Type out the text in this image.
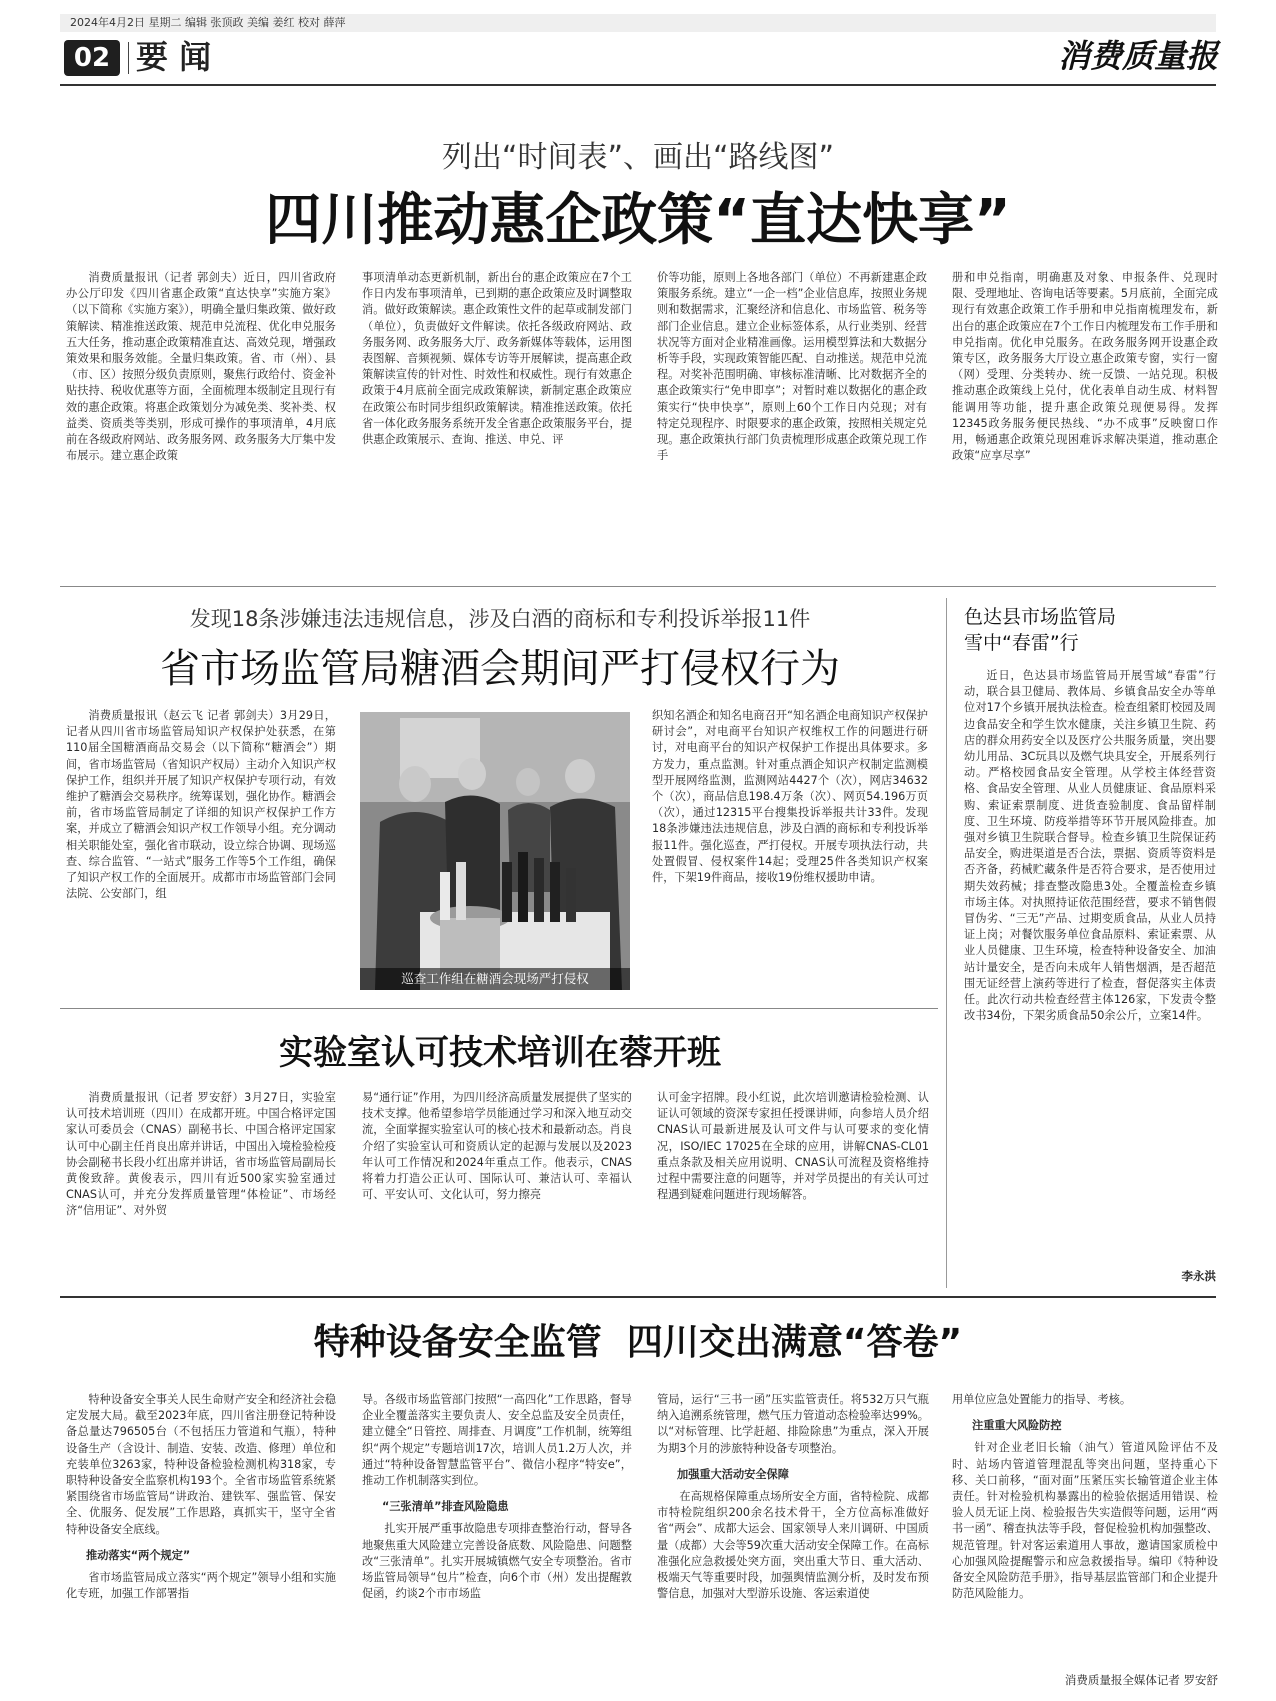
2024年4月2日 星期二 编辑 张顶政 美编 姜红 校对 薛萍
02 要 闻	消费质量报
列出“时间表”、画出“路线图”
四川推动惠企政策“直达快享”

消费质量报讯（记者 郭剑夫）近日，四川省政府办公厅印发《四川省惠企政策“直达快享”实施方案》（以下简称《实施方案》），明确全量归集政策、做好政策解读、精准推送政策、规范申兑流程、优化申兑服务五大任务，推动惠企政策精准直达、高效兑现，增强政策效果和服务效能。全量归集政策。省、市（州）、县（市、区）按照分级负责原则，聚焦行政给付、资金补贴扶持、税收优惠等方面，全面梳理本级制定且现行有效的惠企政策。将惠企政策划分为减免类、奖补类、权益类、资质类等类别，形成可操作的事项清单，4月底前在各级政府网站、政务服务网、政务服务大厅集中发布展示。建立惠企政策

事项清单动态更新机制，新出台的惠企政策应在7个工作日内发布事项清单，已到期的惠企政策应及时调整取消。做好政策解读。惠企政策性文件的起草或制发部门（单位），负责做好文件解读。依托各级政府网站、政务服务网、政务服务大厅、政务新媒体等载体，运用图表图解、音频视频、媒体专访等开展解读，提高惠企政策解读宣传的针对性、时效性和权威性。现行有效惠企政策于4月底前全面完成政策解读，新制定惠企政策应在政策公布时同步组织政策解读。精准推送政策。依托省一体化政务服务系统开发全省惠企政策服务平台，提供惠企政策展示、查询、推送、申兑、评

价等功能，原则上各地各部门（单位）不再新建惠企政策服务系统。建立“一企一档”企业信息库，按照业务规则和数据需求，汇聚经济和信息化、市场监管、税务等部门企业信息。建立企业标签体系，从行业类别、经营状况等方面对企业精准画像。运用模型算法和大数据分析等手段，实现政策智能匹配、自动推送。规范申兑流程。对奖补范围明确、审核标准清晰、比对数据齐全的惠企政策实行“免申即享”；对暂时难以数据化的惠企政策实行“快申快享”，原则上60个工作日内兑现；对有特定兑现程序、时限要求的惠企政策，按照相关规定兑现。惠企政策执行部门负责梳理形成惠企政策兑现工作手

册和申兑指南，明确惠及对象、申报条件、兑现时限、受理地址、咨询电话等要素。5月底前，全面完成现行有效惠企政策工作手册和申兑指南梳理发布，新出台的惠企政策应在7个工作日内梳理发布工作手册和申兑指南。优化申兑服务。在政务服务网开设惠企政策专区，政务服务大厅设立惠企政策专窗，实行一窗（网）受理、分类转办、统一反馈、一站兑现。积极推动惠企政策线上兑付，优化表单自动生成、材料智能调用等功能，提升惠企政策兑现便易得。发挥12345政务服务便民热线、“办不成事”反映窗口作用，畅通惠企政策兑现困难诉求解决渠道，推动惠企政策“应享尽享”

发现18条涉嫌违法违规信息，涉及白酒的商标和专利投诉举报11件
省市场监管局糖酒会期间严打侵权行为

消费质量报讯（赵云飞 记者 郭剑夫）3月29日，记者从四川省市场监管局知识产权保护处获悉，在第110届全国糖酒商品交易会（以下简称“糖酒会”）期间，省市场监管局（省知识产权局）主动介入知识产权保护工作，组织并开展了知识产权保护专项行动，有效维护了糖酒会交易秩序。统筹谋划，强化协作。糖酒会前，省市场监管局制定了详细的知识产权保护工作方案，并成立了糖酒会知识产权工作领导小组。充分调动相关职能处室，强化省市联动，设立综合协调、现场巡查、综合监管、“一站式”服务工作等5个工作组，确保了知识产权工作的全面展开。成都市市场监管部门会同法院、公安部门，组

巡查工作组在糖酒会现场严打侵权

织知名酒企和知名电商召开“知名酒企电商知识产权保护研讨会”，对电商平台知识产权维权工作的问题进行研讨，对电商平台的知识产权保护工作提出具体要求。多方发力，重点监测。针对重点酒企知识产权制定监测模型开展网络监测，监测网站4427个（次），网店34632个（次），商品信息198.4万条（次）、网页54.196万页（次），通过12315平台搜集投诉举报共计33件。发现18条涉嫌违法违规信息，涉及白酒的商标和专利投诉举报11件。强化巡查，严打侵权。开展专项执法行动，共处置假冒、侵权案件14起；受理25件各类知识产权案件，下架19件商品，接收19份维权援助申请。

色达县市场监管局
雪中“春雷”行

近日，色达县市场监管局开展雪域“春雷”行动，联合县卫健局、教体局、乡镇食品安全办等单位对17个乡镇开展执法检查。检查组紧盯校园及周边食品安全和学生饮水健康，关注乡镇卫生院、药店的群众用药安全以及医疗公共服务质量，突出婴幼儿用品、3C玩具以及燃气块具安全，开展系列行动。严格校园食品安全管理。从学校主体经营资格、食品安全管理、从业人员健康证、食品原料采购、索证索票制度、进货查验制度、食品留样制度、卫生环境、防疫举措等环节开展风险排查。加强对乡镇卫生院联合督导。检查乡镇卫生院保证药品安全，购进渠道是否合法，票据、资质等资料是否齐备，药械贮藏条件是否符合要求，是否使用过期失效药械；排查整改隐患3处。全覆盖检查乡镇市场主体。对执照持证依范围经营，要求不销售假冒伪劣、“三无”产品、过期变质食品，从业人员持证上岗；对餐饮服务单位食品原料、索证索票、从业人员健康、卫生环境，检查特种设备安全、加油站计量安全，是否向未成年人销售烟酒，是否超范围无证经营上演药等进行了检查，督促落实主体责任。此次行动共检查经营主体126家，下发责令整改书34份，下架劣质食品50余公斤，立案14件。

李永洪
实验室认可技术培训在蓉开班

消费质量报讯（记者 罗安舒）3月27日，实验室认可技术培训班（四川）在成都开班。中国合格评定国家认可委员会（CNAS）副秘书长、中国合格评定国家认可中心副主任肖良出席并讲话，中国出入境检验检疫协会副秘书长段小红出席并讲话，省市场监管局副局长黄俊致辞。黄俊表示，四川有近500家实验室通过CNAS认可，并充分发挥质量管理“体检证”、市场经济“信用证”、对外贸

易“通行证”作用，为四川经济高质量发展提供了坚实的技术支撑。他希望参培学员能通过学习和深入地互动交流，全面掌握实验室认可的核心技术和最新动态。肖良介绍了实验室认可和资质认定的起源与发展以及2023年认可工作情况和2024年重点工作。他表示，CNAS将着力打造公正认可、国际认可、兼洁认可、幸福认可、平安认可、文化认可，努力擦亮

认可金字招牌。段小红说，此次培训邀请检验检测、认证认可领域的资深专家担任授课讲师，向参培人员介绍CNAS认可最新进展及认可文件与认可要求的变化情况，ISO/IEC 17025在全球的应用，讲解CNAS-CL01重点条款及相关应用说明、CNAS认可流程及资格维持过程中需要注意的问题等，并对学员提出的有关认可过程遇到疑难问题进行现场解答。

特种设备安全监管  四川交出满意“答卷”

特种设备安全事关人民生命财产安全和经济社会稳定发展大局。截至2023年底，四川省注册登记特种设备总量达796505台（不包括压力管道和气瓶），特种设备生产（含设计、制造、安装、改造、修理）单位和充装单位3263家，特种设备检验检测机构318家，专职特种设备安全监察机构193个。全省市场监管系统紧紧围绕省市场监管局“讲政治、建铁军、强监管、保安全、优服务、促发展”工作思路，真抓实干，坚守全省特种设备安全底线。

推动落实“两个规定”

省市场监管局成立落实“两个规定”领导小组和实施化专班，加强工作部署指

导。各级市场监管部门按照“一高四化”工作思路，督导企业全覆盖落实主要负责人、安全总监及安全员责任，建立健全“日管控、周排查、月调度”工作机制，统筹组织“两个规定”专题培训17次，培训人员1.2万人次，并通过“特种设备智慧监管平台”、微信小程序“特安e”，推动工作机制落实到位。

“三张清单”排查风险隐患

扎实开展严重事故隐患专项排查整治行动，督导各地聚焦重大风险建立完善设备底数、风险隐患、问题整改“三张清单”。扎实开展城镇燃气安全专项整治。省市场监管局领导“包片”检查，向6个市（州）发出提醒敦促函，约谈2个市市场监

管局，运行“三书一函”压实监管责任。将532万只气瓶纳入追溯系统管理，燃气压力管道动态检验率达99%。以“对标管理、比学赶超、排险除患”为重点，深入开展为期3个月的涉旅特种设备专项整治。

加强重大活动安全保障

在高规格保障重点场所安全方面，省特检院、成都市特检院组织200余名技术骨干，全方位高标准做好省“两会”、成都大运会、国家领导人来川调研、中国质量（成都）大会等59次重大活动安全保障工作。在高标准强化应急救援处突方面，突出重大节日、重大活动、极端天气等重要时段，加强舆情监测分析，及时发布预警信息，加强对大型游乐设施、客运索道使

用单位应急处置能力的指导、考核。

注重重大风险防控

针对企业老旧长输（油气）管道风险评估不及时、站场内管道管理混乱等突出问题，坚持重心下移、关口前移，“面对面”压紧压实长输管道企业主体责任。针对检验机构暴露出的检验依据适用错误、检验人员无证上岗、检验报告失实造假等问题，运用“两书一函”、稽查执法等手段，督促检验机构加强整改、规范管理。针对客运索道用人事故，邀请国家质检中心加强风险提醒警示和应急救援指导。编印《特种设备安全风险防范手册》，指导基层监管部门和企业提升防范风险能力。

消费质量报全媒体记者 罗安舒
